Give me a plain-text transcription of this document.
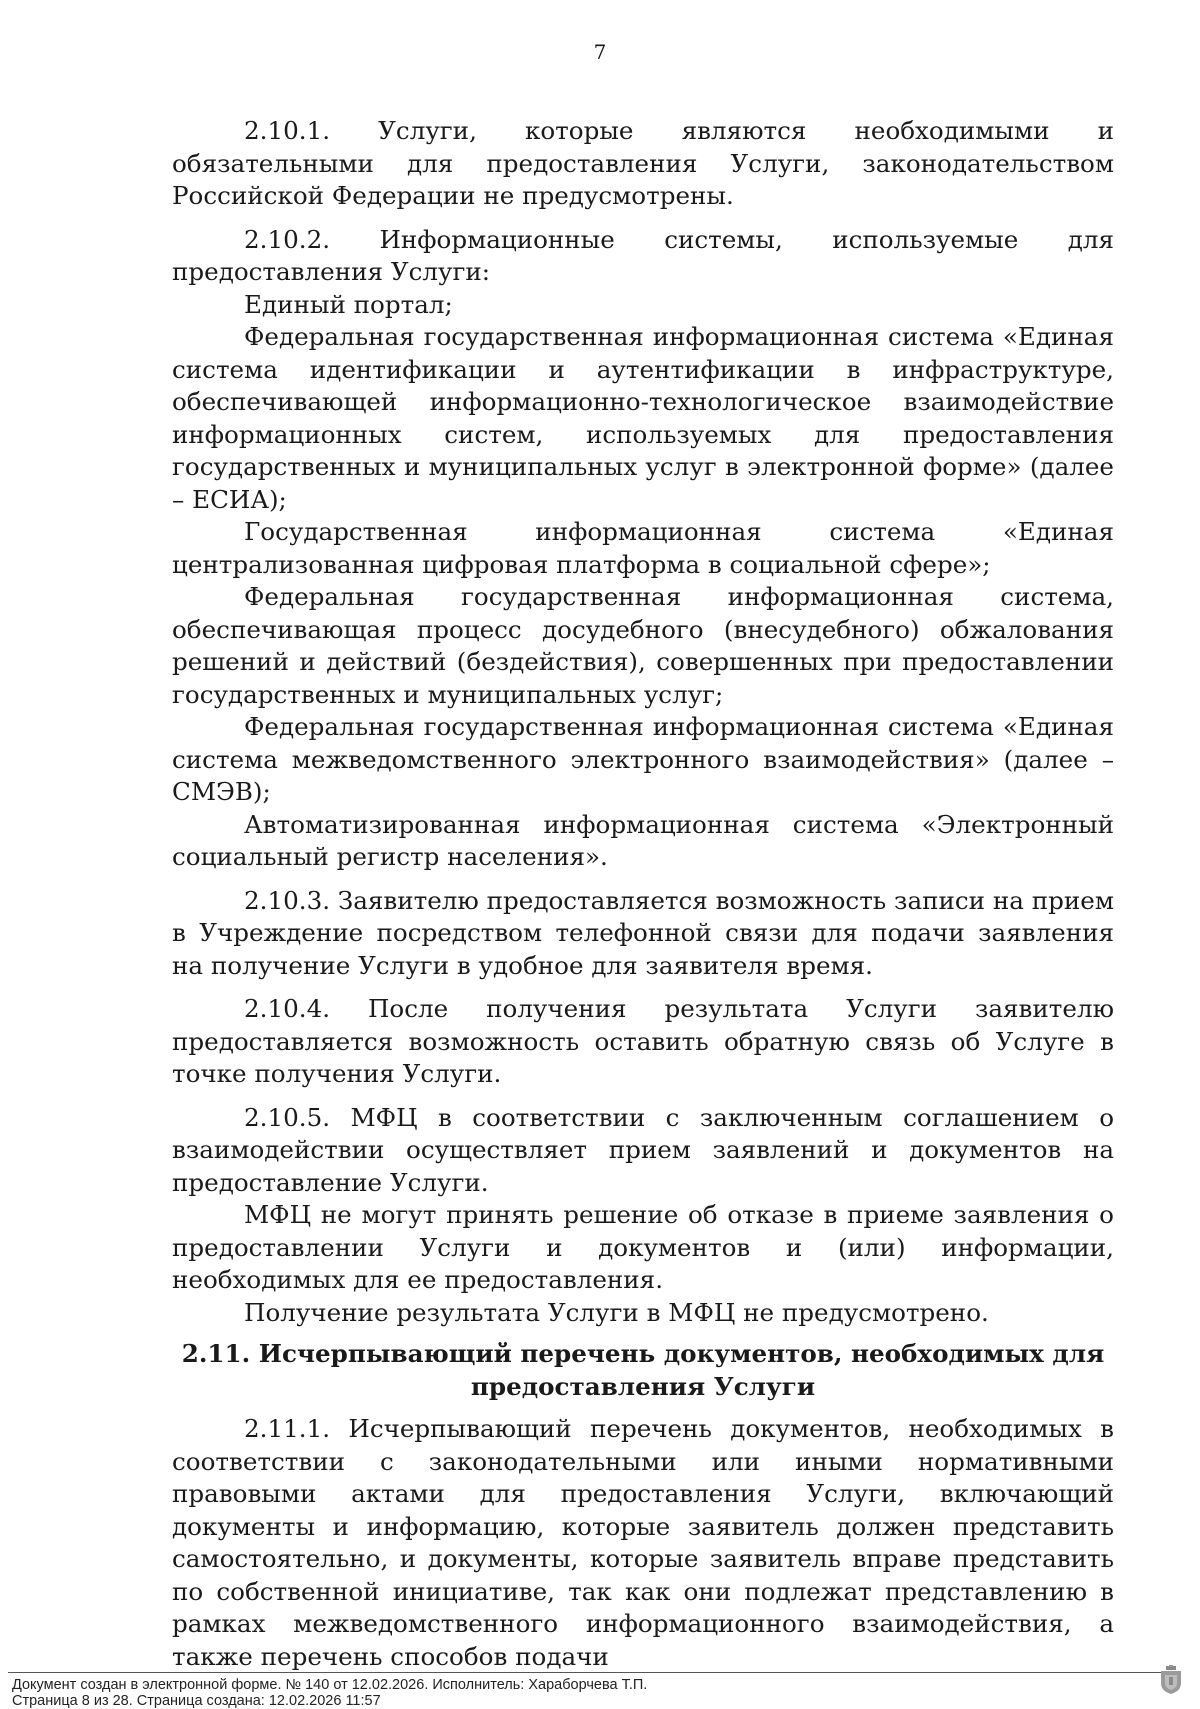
7

2.10.1. Услуги, которые являются необходимыми и обязательными для предоставления Услуги, законодательством Российской Федерации не предусмотрены.

2.10.2. Информационные системы, используемые для предоставления Услуги:

Единый портал;

Федеральная государственная информационная система «Единая система идентификации и аутентификации в инфраструктуре, обеспечивающей информационно-технологическое взаимодействие информационных систем, используемых для предоставления государственных и муниципальных услуг в электронной форме» (далее – ЕСИА);

Государственная информационная система «Единая централизованная цифровая платформа в социальной сфере»;

Федеральная государственная информационная система, обеспечивающая процесс досудебного (внесудебного) обжалования решений и действий (бездействия), совершенных при предоставлении государственных и муниципальных услуг;

Федеральная государственная информационная система «Единая система межведомственного электронного взаимодействия» (далее – СМЭВ);

Автоматизированная информационная система «Электронный социальный регистр населения».

2.10.3. Заявителю предоставляется возможность записи на прием в Учреждение посредством телефонной связи для подачи заявления на получение Услуги в удобное для заявителя время.

2.10.4. После получения результата Услуги заявителю предоставляется возможность оставить обратную связь об Услуге в точке получения Услуги.

2.10.5. МФЦ в соответствии с заключенным соглашением о взаимодействии осуществляет прием заявлений и документов на предоставление Услуги.

МФЦ не могут принять решение об отказе в приеме заявления о предоставлении Услуги и документов и (или) информации, необходимых для ее предоставления.

Получение результата Услуги в МФЦ не предусмотрено.

2.11. Исчерпывающий перечень документов, необходимых для
предоставления Услуги

2.11.1. Исчерпывающий перечень документов, необходимых в соответствии с законодательными или иными нормативными правовыми актами для предоставления Услуги, включающий документы и информацию, которые заявитель должен представить самостоятельно, и документы, которые заявитель вправе представить по собственной инициативе, так как они подлежат представлению в рамках межведомственного информационного взаимодействия, а также перечень способов подачи

Документ создан в электронной форме. № 140 от 12.02.2026. Исполнитель: Хараборчева Т.П.
Страница 8 из 28. Страница создана: 12.02.2026 11:57
